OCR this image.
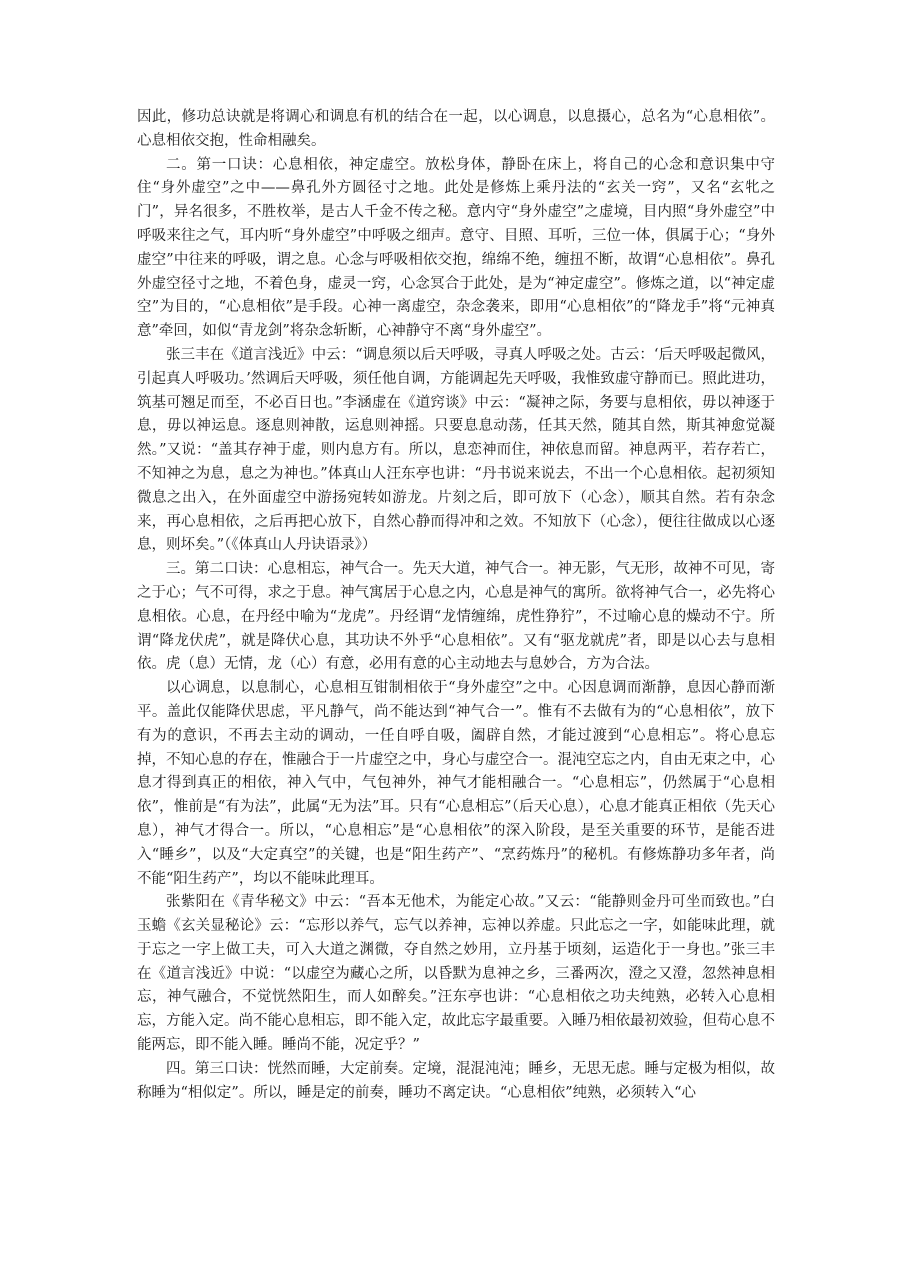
因此，修功总诀就是将调心和调息有机的结合在一起，以心调息，以息摄心，总名为“心息相依”。心息相依交抱，性命相融矣。

二。第一口诀：心息相依，神定虚空。放松身体，静卧在床上，将自己的心念和意识集中守住“身外虚空”之中——鼻孔外方圆径寸之地。此处是修炼上乘丹法的“玄关一窍”，又名“玄牝之门”，异名很多，不胜枚举，是古人千金不传之秘。意内守“身外虚空”之虚境，目内照“身外虚空”中呼吸来往之气，耳内听“身外虚空”中呼吸之细声。意守、目照、耳听，三位一体，俱属于心；“身外虚空”中往来的呼吸，谓之息。心念与呼吸相依交抱，绵绵不绝，缠扭不断，故谓“心息相依”。鼻孔外虚空径寸之地，不着色身，虚灵一窍，心念冥合于此处，是为“神定虚空”。修炼之道，以“神定虚空”为目的，“心息相依”是手段。心神一离虚空，杂念袭来，即用“心息相依”的“降龙手”将“元神真意”牵回，如似“青龙剑”将杂念斩断，心神静守不离“身外虚空”。

张三丰在《道言浅近》中云：“调息须以后天呼吸，寻真人呼吸之处。古云：‘后天呼吸起微风，引起真人呼吸功。’然调后天呼吸，须任他自调，方能调起先天呼吸，我惟致虚守静而已。照此进功，筑基可翘足而至，不必百日也。”李涵虚在《道窍谈》中云：“凝神之际，务要与息相依，毋以神逐于息，毋以神运息。逐息则神散，运息则神摇。只要息息动荡，任其天然，随其自然，斯其神愈觉凝然。”又说：“盖其存神于虚，则内息方有。所以，息恋神而住，神依息而留。神息两平，若存若亡，不知神之为息，息之为神也。”体真山人汪东亭也讲：“丹书说来说去，不出一个心息相依。起初须知微息之出入，在外面虚空中游扬宛转如游龙。片刻之后，即可放下（心念），顺其自然。若有杂念来，再心息相依，之后再把心放下，自然心静而得冲和之效。不知放下（心念），便往往做成以心逐息，则坏矣。”（《体真山人丹诀语录》）

三。第二口诀：心息相忘，神气合一。先天大道，神气合一。神无影，气无形，故神不可见，寄之于心；气不可得，求之于息。神气寓居于心息之内，心息是神气的寓所。欲将神气合一，必先将心息相依。心息，在丹经中喻为“龙虎”。丹经谓“龙情缠绵，虎性狰狞”，不过喻心息的燥动不宁。所谓“降龙伏虎”，就是降伏心息，其功诀不外乎“心息相依”。又有“驱龙就虎”者，即是以心去与息相依。虎（息）无情，龙（心）有意，必用有意的心主动地去与息妙合，方为合法。

以心调息，以息制心，心息相互钳制相依于“身外虚空”之中。心因息调而渐静，息因心静而渐平。盖此仅能降伏思虑，平凡静气，尚不能达到“神气合一”。惟有不去做有为的“心息相依”，放下有为的意识，不再去主动的调动，一任自呼自吸，阖辟自然，才能过渡到“心息相忘”。将心息忘掉，不知心息的存在，惟融合于一片虚空之中，身心与虚空合一。混沌空忘之内，自由无束之中，心息才得到真正的相依，神入气中，气包神外，神气才能相融合一。“心息相忘”，仍然属于“心息相依”，惟前是“有为法”，此属“无为法”耳。只有“心息相忘”（后天心息），心息才能真正相依（先天心息），神气才得合一。所以，“心息相忘”是“心息相依”的深入阶段，是至关重要的环节，是能否进入“睡乡”，以及“大定真空”的关键，也是“阳生药产”、“烹药炼丹”的秘机。有修炼静功多年者，尚不能“阳生药产”，均以不能味此理耳。

张紫阳在《青华秘文》中云：“吾本无他术，为能定心故。”又云：“能静则金丹可坐而致也。”白玉蟾《玄关显秘论》云：“忘形以养气，忘气以养神，忘神以养虚。只此忘之一字，如能味此理，就于忘之一字上做工夫，可入大道之渊微，夺自然之妙用，立丹基于顷刻，运造化于一身也。”张三丰在《道言浅近》中说：“以虚空为藏心之所，以昏默为息神之乡，三番两次，澄之又澄，忽然神息相忘，神气融合，不觉恍然阳生，而人如醉矣。”汪东亭也讲：“心息相依之功夫纯熟，必转入心息相忘，方能入定。尚不能心息相忘，即不能入定，故此忘字最重要。入睡乃相依最初效验，但苟心息不能两忘，即不能入睡。睡尚不能，况定乎？”

四。第三口诀：恍然而睡，大定前奏。定境，混混沌沌；睡乡，无思无虑。睡与定极为相似，故称睡为“相似定”。所以，睡是定的前奏，睡功不离定诀。“心息相依”纯熟，必须转入“心
